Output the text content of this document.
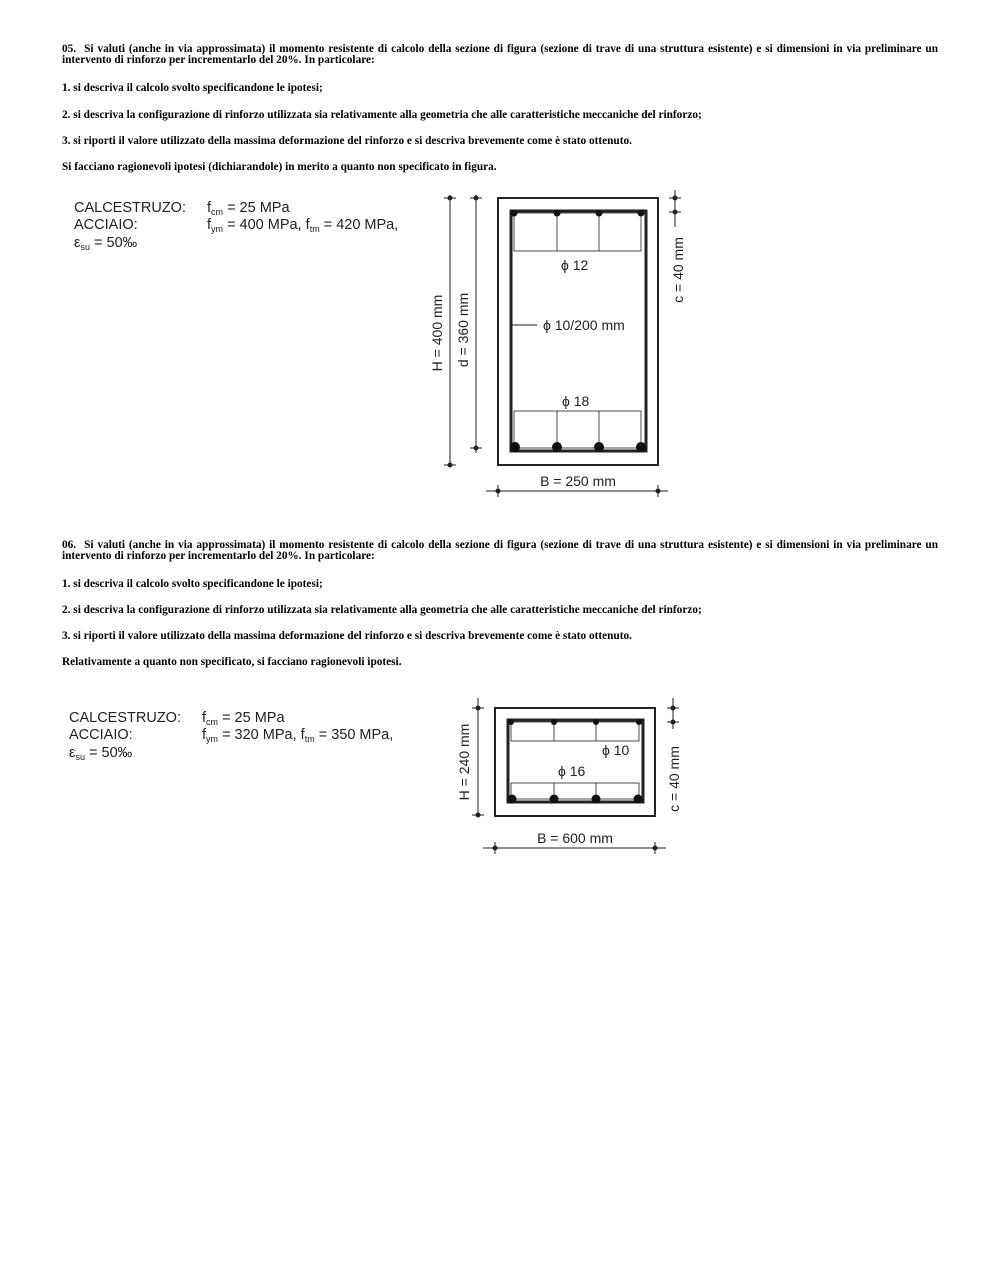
05. Si valuti (anche in via approssimata) il momento resistente di calcolo della sezione di figura (sezione di trave di una struttura esistente) e si dimensioni in via preliminare un intervento di rinforzo per incrementarlo del 20%. In particolare:

1. si descriva il calcolo svolto specificandone le ipotesi;

2. si descriva la configurazione di rinforzo utilizzata sia relativamente alla geometria che alle caratteristiche meccaniche del rinforzo;

3. si riporti il valore utilizzato della massima deformazione del rinforzo e si descriva brevemente come è stato ottenuto.

Si facciano ragionevoli ipotesi (dichiarandole) in merito a quanto non specificato in figura.

CALCESTRUZO: $f_{cm} = 25$ MPa
ACCIAIO:	$f_{ym} = 400$ MPa, $f_{tm} = 420$ MPa,
$\varepsilon_{su}$ = 50‰
H = 400 mm d = 360 mm
c = 40 mm
ϕ 12
ϕ 10/200 mm
ϕ 18
B = 250 mm

06. Si valuti (anche in via approssimata) il momento resistente di calcolo della sezione di figura (sezione di trave di una struttura esistente) e si dimensioni in via preliminare un intervento di rinforzo per incrementarlo del 20%. In particolare:

1. si descriva il calcolo svolto specificandone le ipotesi;

2. si descriva la configurazione di rinforzo utilizzata sia relativamente alla geometria che alle caratteristiche meccaniche del rinforzo;

3. si riporti il valore utilizzato della massima deformazione del rinforzo e si descriva brevemente come è stato ottenuto.

Relativamente a quanto non specificato, si facciano ragionevoli ipotesi.

CALCESTRUZO: $f_{cm} = 25$ MPa
ACCIAIO:	$f_{ym} = 320$ MPa, $f_{tm} = 350$ MPa,
$\varepsilon_{su}$ = 50‰	H = 240 mm	c = 40 mm
ϕ 10
ϕ 16
B = 600 mm
